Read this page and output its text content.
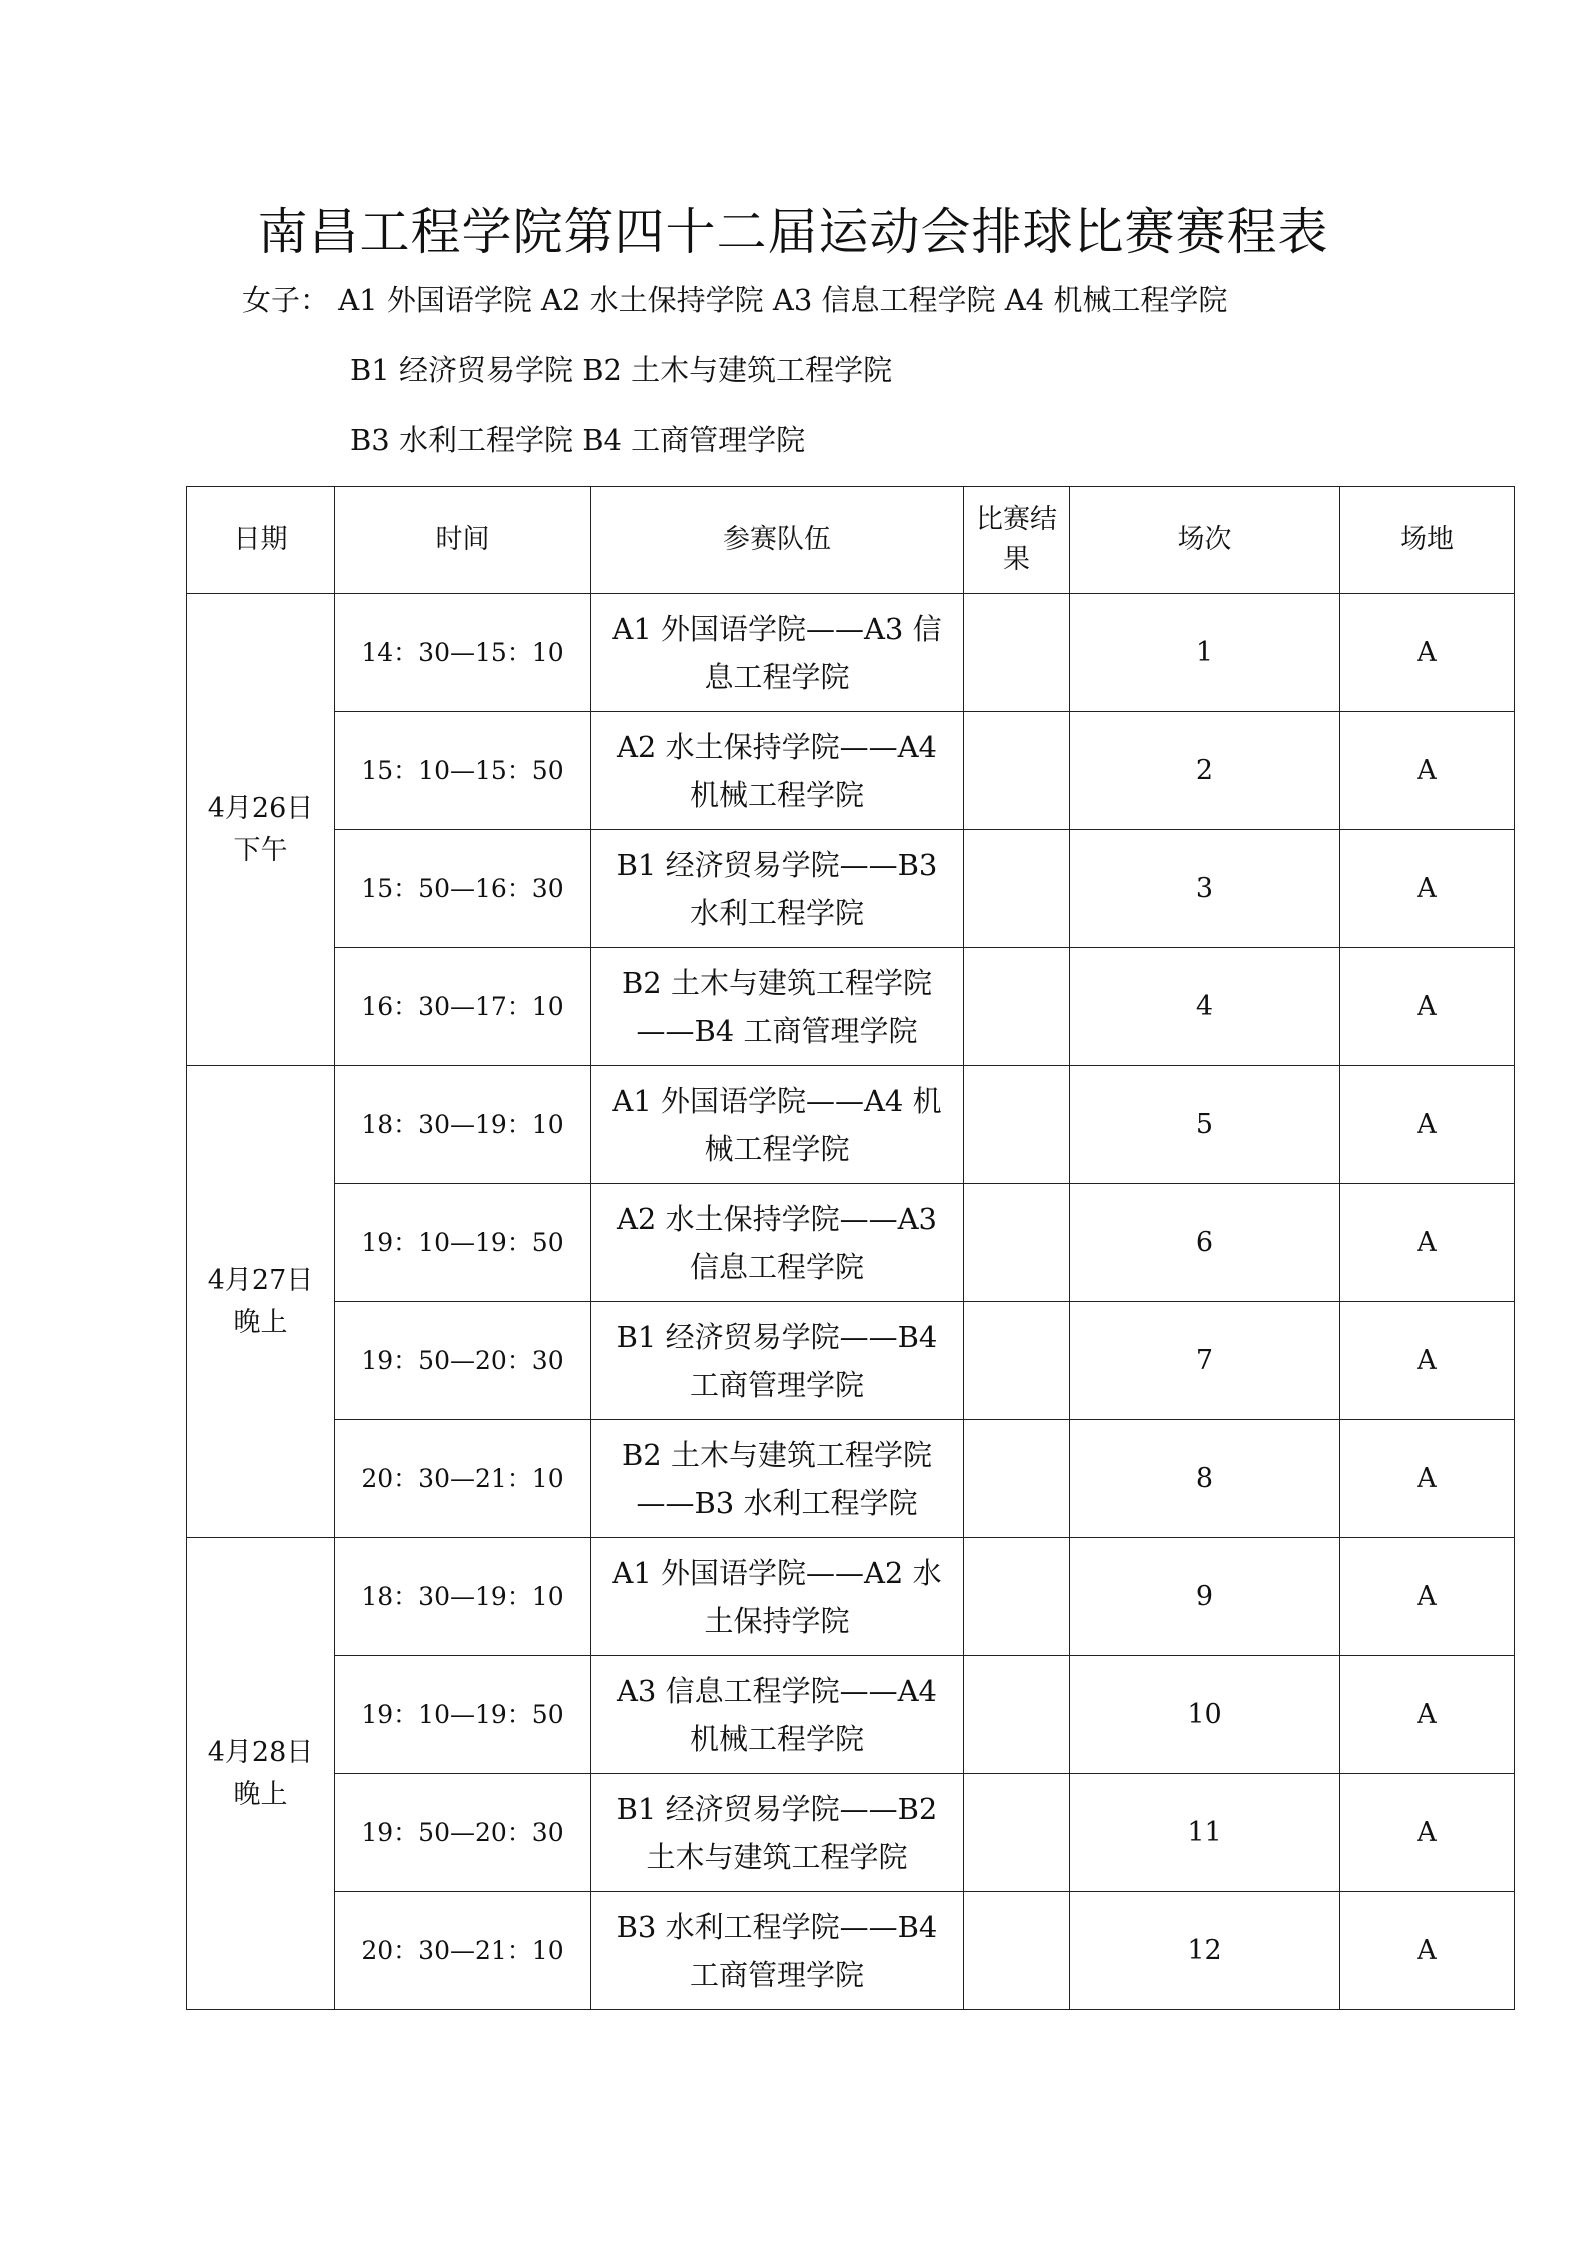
南昌工程学院第四十二届运动会排球比赛赛程表
女子： A1 外国语学院 A2 水土保持学院 A3 信息工程学院 A4 机械工程学院
B1 经济贸易学院 B2 土木与建筑工程学院
B3 水利工程学院 B4 工商管理学院
日期	时间	参赛队伍	比赛结果	场次	场地
4月26日下午	14：30—15：10	A1 外国语学院——A3 信息工程学院		1	A
	15：10—15：50	A2 水土保持学院——A4 机械工程学院		2	A
	15：50—16：30	B1 经济贸易学院——B3 水利工程学院		3	A
	16：30—17：10	B2 土木与建筑工程学院——B4 工商管理学院		4	A
4月27日晚上	18：30—19：10	A1 外国语学院——A4 机械工程学院		5	A
	19：10—19：50	A2 水土保持学院——A3 信息工程学院		6	A
	19：50—20：30	B1 经济贸易学院——B4 工商管理学院		7	A
	20：30—21：10	B2 土木与建筑工程学院——B3 水利工程学院		8	A
4月28日晚上	18：30—19：10	A1 外国语学院——A2 水土保持学院		9	A
	19：10—19：50	A3 信息工程学院——A4 机械工程学院		10	A
	19：50—20：30	B1 经济贸易学院——B2 土木与建筑工程学院		11	A
	20：30—21：10	B3 水利工程学院——B4 工商管理学院		12	A
